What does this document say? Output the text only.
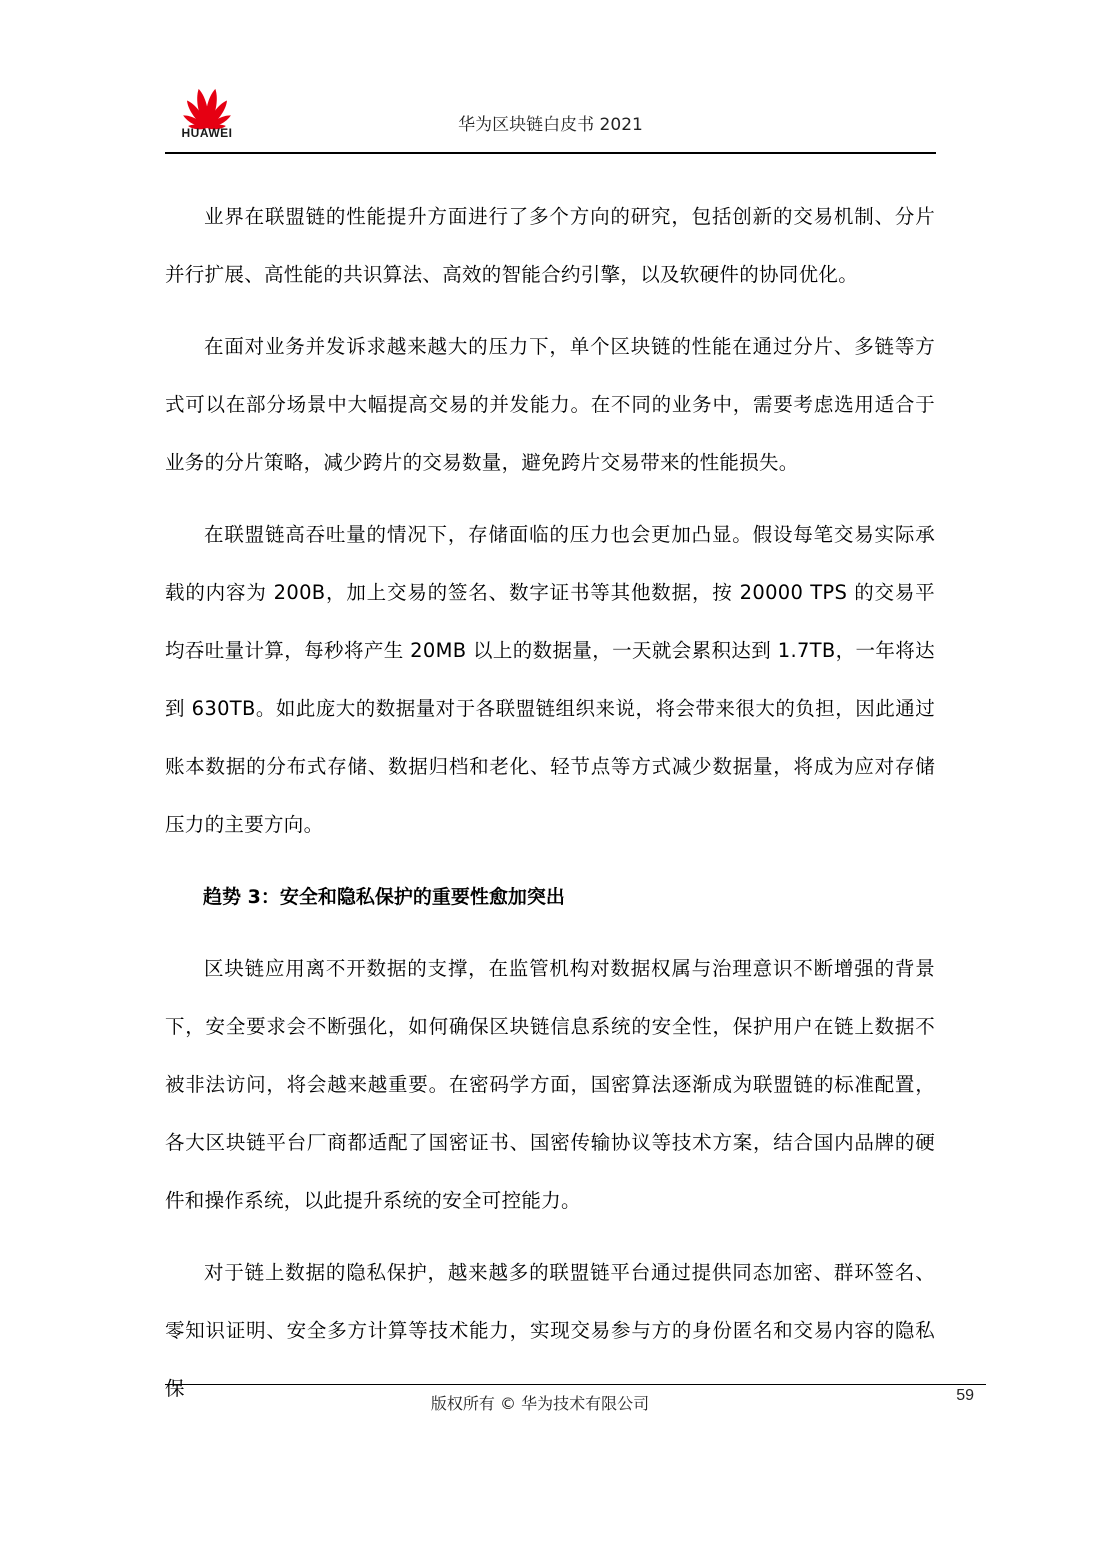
HUAWEI	华为区块链白皮书 2021

业界在联盟链的性能提升方面进行了多个方向的研究，包括创新的交易机制、分片并行扩展、高性能的共识算法、高效的智能合约引擎，以及软硬件的协同优化。

在面对业务并发诉求越来越大的压力下，单个区块链的性能在通过分片、多链等方式可以在部分场景中大幅提高交易的并发能力。在不同的业务中，需要考虑选用适合于业务的分片策略，减少跨片的交易数量，避免跨片交易带来的性能损失。

在联盟链高吞吐量的情况下，存储面临的压力也会更加凸显。假设每笔交易实际承载的内容为 200B，加上交易的签名、数字证书等其他数据，按 20000 TPS 的交易平均吞吐量计算，每秒将产生 20MB 以上的数据量，一天就会累积达到 1.7TB，一年将达到 630TB。如此庞大的数据量对于各联盟链组织来说，将会带来很大的负担，因此通过账本数据的分布式存储、数据归档和老化、轻节点等方式减少数据量，将成为应对存储压力的主要方向。

趋势 3：安全和隐私保护的重要性愈加突出

区块链应用离不开数据的支撑，在监管机构对数据权属与治理意识不断增强的背景下，安全要求会不断强化，如何确保区块链信息系统的安全性，保护用户在链上数据不被非法访问，将会越来越重要。在密码学方面，国密算法逐渐成为联盟链的标准配置，各大区块链平台厂商都适配了国密证书、国密传输协议等技术方案，结合国内品牌的硬件和操作系统，以此提升系统的安全可控能力。

对于链上数据的隐私保护，越来越多的联盟链平台通过提供同态加密、群环签名、零知识证明、安全多方计算等技术能力，实现交易参与方的身份匿名和交易内容的隐私保

版权所有 © 华为技术有限公司	59
